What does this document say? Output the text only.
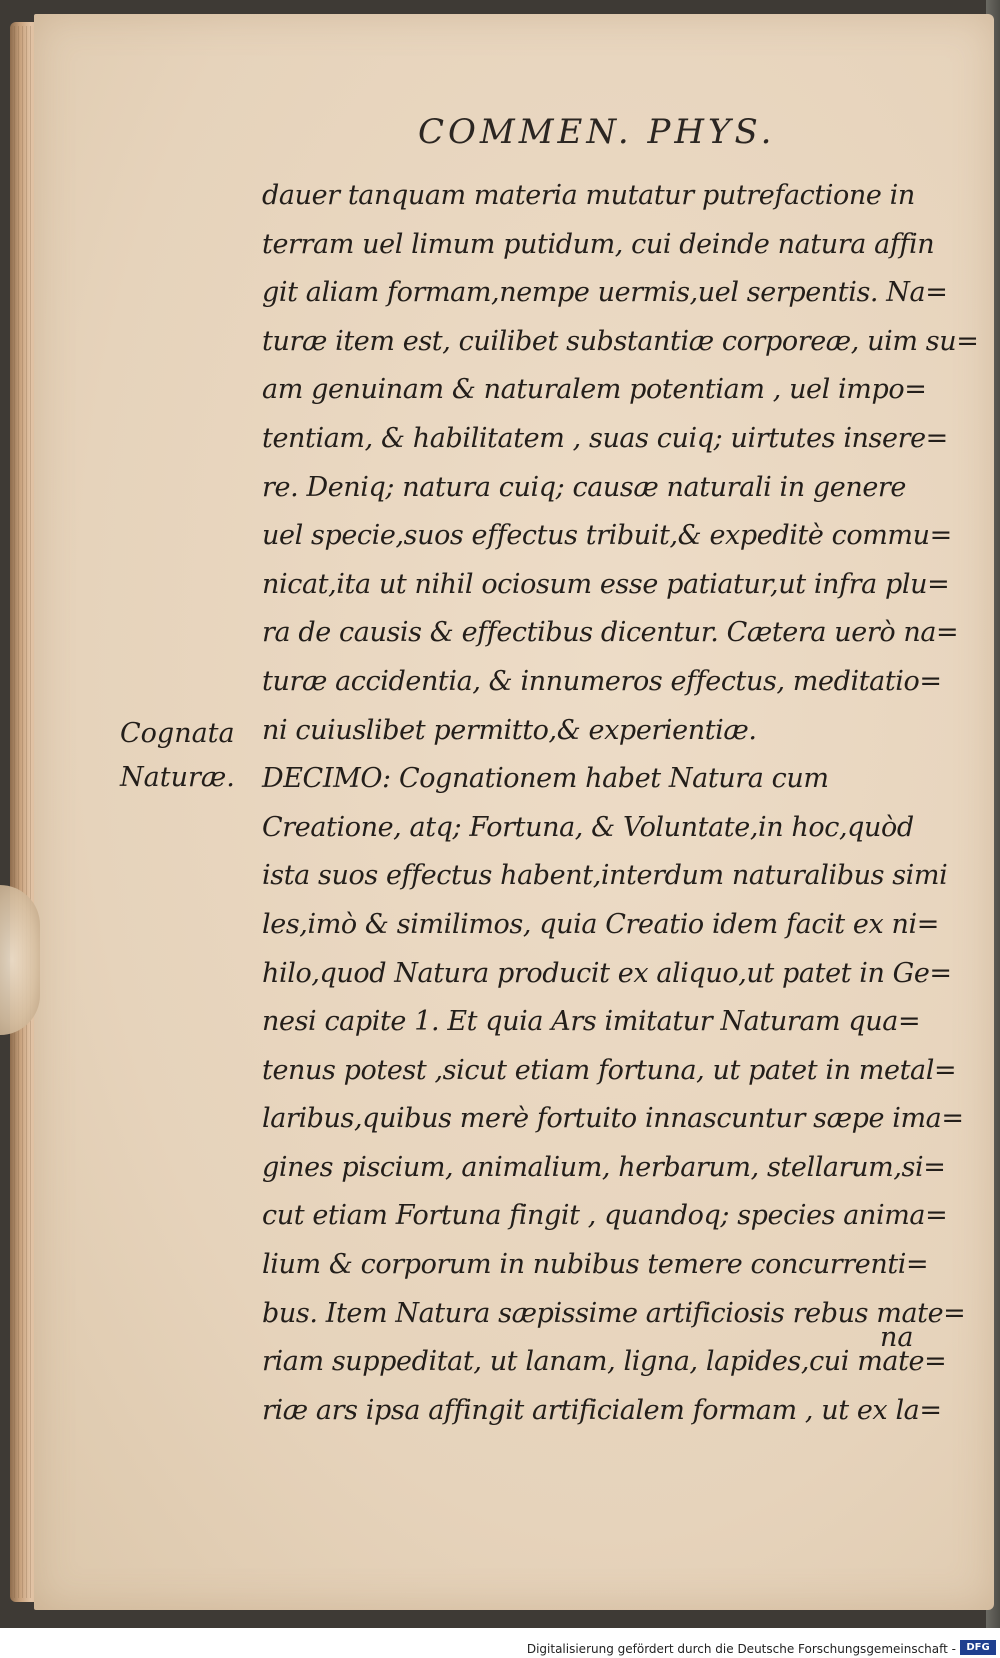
COMMEN. PHYS.
Cognata
Naturæ.
dauer tanquam materia mutatur putrefactione in
terram uel limum putidum, cui deinde natura affin
git aliam formam,nempe uermis,uel serpentis. Na=
turæ item est, cuilibet substantiæ corporeæ, uim su=
am genuinam & naturalem potentiam , uel impo=
tentiam, & habilitatem , suas cuiq; uirtutes insere=
re. Deniq; natura cuiq; causæ naturali in genere
uel specie,suos effectus tribuit,& expeditè commu=
nicat,ita ut nihil ociosum esse patiatur,ut infra plu=
ra de causis & effectibus dicentur. Cætera uerò na=
turæ accidentia, & innumeros effectus, meditatio=
ni cuiuslibet permitto,& experientiæ.
DECIMO: Cognationem habet Natura cum
Creatione, atq; Fortuna, & Voluntate,in hoc,quòd
ista suos effectus habent,interdum naturalibus simi
les,imò & similimos, quia Creatio idem facit ex ni=
hilo,quod Natura producit ex aliquo,ut patet in Ge=
nesi capite 1. Et quia Ars imitatur Naturam qua=
tenus potest ,sicut etiam fortuna, ut patet in metal=
laribus,quibus merè fortuito innascuntur sæpe ima=
gines piscium, animalium, herbarum, stellarum,si=
cut etiam Fortuna fingit , quandoq; species anima=
lium & corporum in nubibus temere concurrenti=
bus. Item Natura sæpissime artificiosis rebus mate=
riam suppeditat, ut lanam, ligna, lapides,cui mate=
riæ ars ipsa affingit artificialem formam , ut ex la=
na
Digitalisierung gefördert durch die Deutsche Forschungsgemeinschaft -	DFG
